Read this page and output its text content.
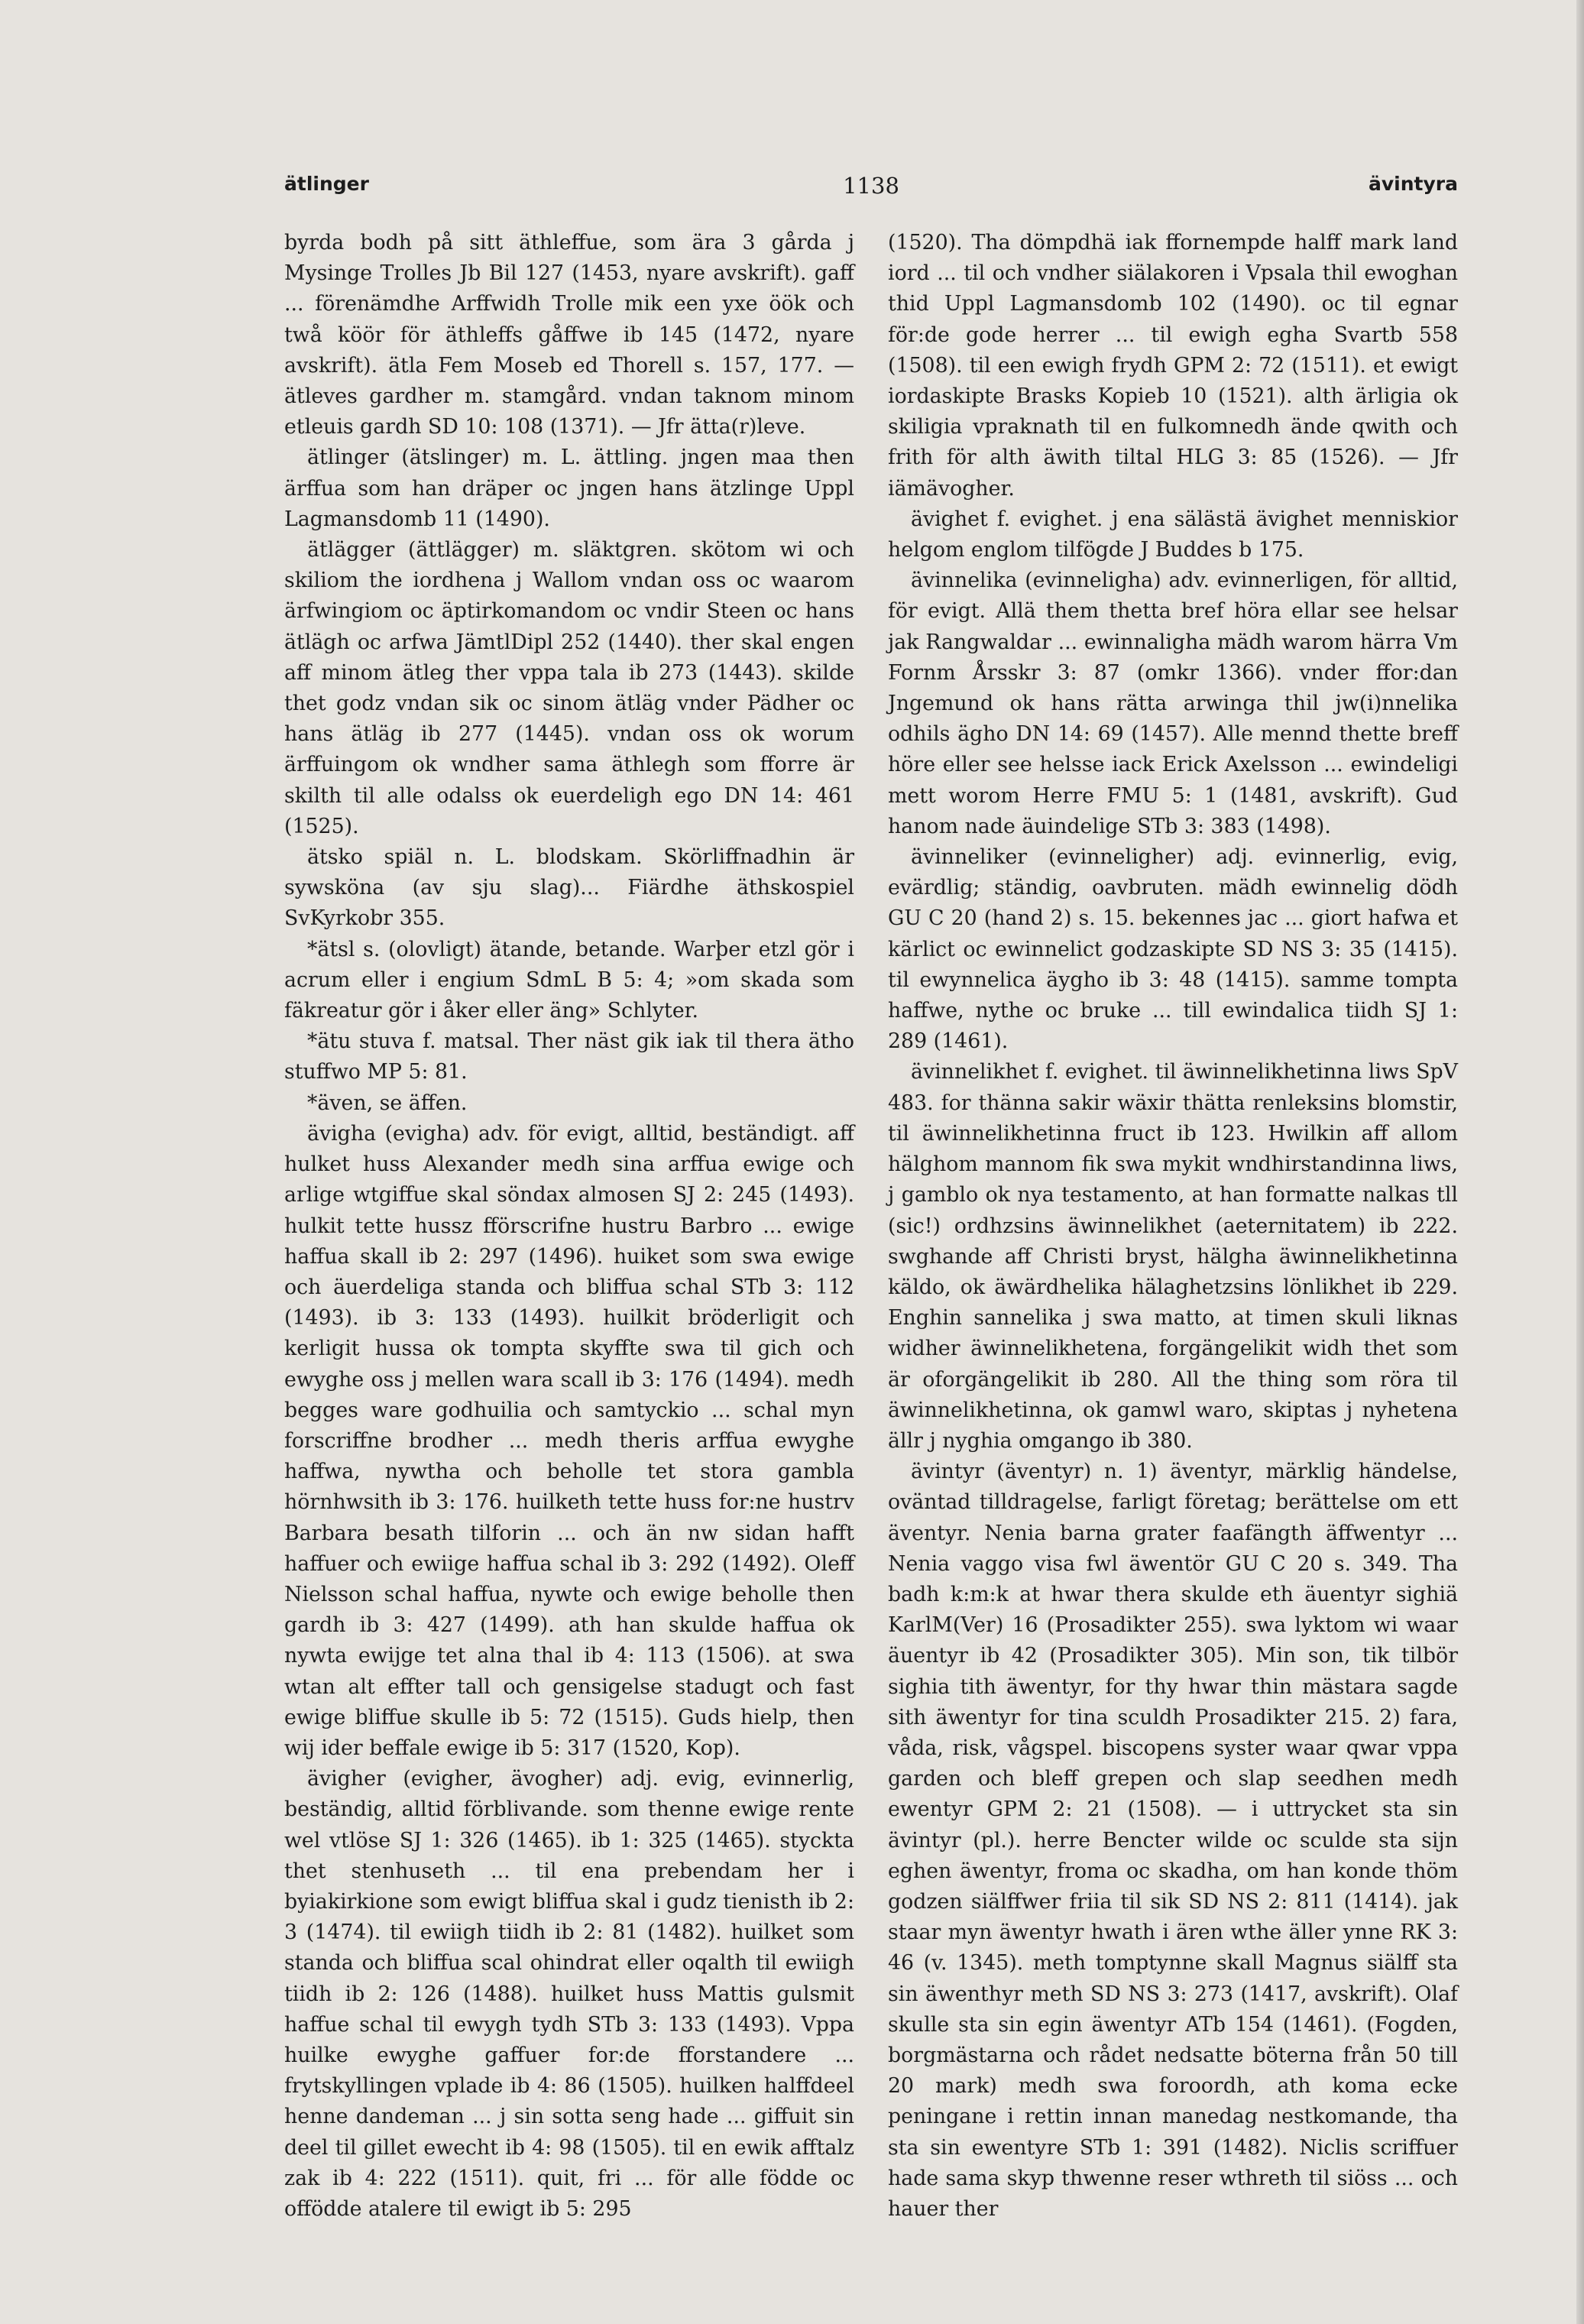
ätlinger	1138	ävintyra

byrda bodh på sitt äthleffue, som ära 3 gårda j Mysinge Trolles Jb Bil 127 (1453, nyare avskrift). gaff ... förenämdhe Arffwidh Trolle mik een yxe öök och twå köör för äthleffs gåffwe ib 145 (1472, nyare avskrift). ätla Fem Moseb ed Thorell s. 157, 177. — ätleves gardher m. stamgård. vndan taknom minom etleuis gardh SD 10: 108 (1371). — Jfr ätta(r)leve.

ätlinger (ätslinger) m. L. ättling. jngen maa then ärffua som han dräper oc jngen hans ätzlinge Uppl Lagmansdomb 11 (1490).

ätlägger (ättlägger) m. släktgren. skötom wi och skiliom the iordhena j Wallom vndan oss oc waarom ärfwingiom oc äptirkomandom oc vndir Steen oc hans ätlägh oc arfwa JämtlDipl 252 (1440). ther skal engen aff minom ätleg ther vppa tala ib 273 (1443). skilde thet godz vndan sik oc sinom ätläg vnder Pädher oc hans ätläg ib 277 (1445). vndan oss ok worum ärffuingom ok wndher sama äthlegh som fforre är skilth til alle odalss ok euerdeligh ego DN 14: 461 (1525).

ätsko spiäl n. L. blodskam. Skörliffnadhin är sywsköna (av sju slag)... Fiärdhe äthskospiel SvKyrkobr 355.

*ätsl s. (olovligt) ätande, betande. Warþer etzl gör i acrum eller i engium SdmL B 5: 4; »om skada som fäkreatur gör i åker eller äng» Schlyter.

*ätu stuva f. matsal. Ther näst gik iak til thera ätho stuffwo MP 5: 81.

*även, se äffen.

ävigha (evigha) adv. för evigt, alltid, beständigt. aff hulket huss Alexander medh sina arffua ewige och arlige wtgiffue skal söndax almosen SJ 2: 245 (1493). hulkit tette hussz fförscrifne hustru Barbro ... ewige haffua skall ib 2: 297 (1496). huiket som swa ewige och äuerdeliga standa och bliffua schal STb 3: 112 (1493). ib 3: 133 (1493). huilkit bröderligit och kerligit hussa ok tompta skyffte swa til gich och ewyghe oss j mellen wara scall ib 3: 176 (1494). medh begges ware godhuilia och samtyckio ... schal myn forscriffne brodher ... medh theris arffua ewyghe haffwa, nywtha och beholle tet stora gambla hörnhwsith ib 3: 176. huilketh tette huss for:ne hustrv Barbara besath tilforin ... och än nw sidan hafft haffuer och ewiige haffua schal ib 3: 292 (1492). Oleff Nielsson schal haffua, nywte och ewige beholle then gardh ib 3: 427 (1499). ath han skulde haffua ok nywta ewijge tet alna thal ib 4: 113 (1506). at swa wtan alt effter tall och gensigelse stadugt och fast ewige bliffue skulle ib 5: 72 (1515). Guds hielp, then wij ider beffale ewige ib 5: 317 (1520, Kop).

ävigher (evigher, ävogher) adj. evig, evinnerlig, beständig, alltid förblivande. som thenne ewige rente wel vtlöse SJ 1: 326 (1465). ib 1: 325 (1465). styckta thet stenhuseth ... til ena prebendam her i byiakirkione som ewigt bliffua skal i gudz tienisth ib 2: 3 (1474). til ewiigh tiidh ib 2: 81 (1482). huilket som standa och bliffua scal ohindrat eller oqalth til ewiigh tiidh ib 2: 126 (1488). huilket huss Mattis gulsmit haffue schal til ewygh tydh STb 3: 133 (1493). Vppa huilke ewyghe gaffuer for:de fforstandere ... frytskyllingen vplade ib 4: 86 (1505). huilken halffdeel henne dandeman ... j sin sotta seng hade ... giffuit sin deel til gillet ewecht ib 4: 98 (1505). til en ewik afftalz zak ib 4: 222 (1511). quit, fri ... för alle födde oc offödde atalere til ewigt ib 5: 295

(1520). Tha dömpdhä iak ffornempde halff mark land iord ... til och vndher siälakoren i Vpsala thil ewoghan thid Uppl Lagmansdomb 102 (1490). oc til egnar för:de gode herrer ... til ewigh egha Svartb 558 (1508). til een ewigh frydh GPM 2: 72 (1511). et ewigt iordaskipte Brasks Kopieb 10 (1521). alth ärligia ok skiligia vpraknath til en fulkomnedh ände qwith och frith för alth äwith tiltal HLG 3: 85 (1526). — Jfr iämävogher.

ävighet f. evighet. j ena sälästä ävighet menniskior helgom englom tilfögde J Buddes b 175.

ävinnelika (evinneligha) adv. evinnerligen, för alltid, för evigt. Allä them thetta bref höra ellar see helsar jak Rangwaldar ... ewinnaligha mädh warom härra Vm Fornm Årsskr 3: 87 (omkr 1366). vnder ffor:dan Jngemund ok hans rätta arwinga thil jw(i)nnelika odhils ägho DN 14: 69 (1457). Alle mennd thette breff höre eller see helsse iack Erick Axelsson ... ewindeligi mett worom Herre FMU 5: 1 (1481, avskrift). Gud hanom nade äuindelige STb 3: 383 (1498).

ävinneliker (evinneligher) adj. evinnerlig, evig, evärdlig; ständig, oavbruten. mädh ewinnelig dödh GU C 20 (hand 2) s. 15. bekennes jac ... giort hafwa et kärlict oc ewinnelict godzaskipte SD NS 3: 35 (1415). til ewynnelica äygho ib 3: 48 (1415). samme tompta haffwe, nythe oc bruke ... till ewindalica tiidh SJ 1: 289 (1461).

ävinnelikhet f. evighet. til äwinnelikhetinna liws SpV 483. for thänna sakir wäxir thätta renleksins blomstir, til äwinnelikhetinna fruct ib 123. Hwilkin aff allom hälghom mannom fik swa mykit wndhirstandinna liws, j gamblo ok nya testamento, at han formatte nalkas tll (sic!) ordhzsins äwinnelikhet (aeternitatem) ib 222. swghande aff Christi bryst, hälgha äwinnelikhetinna käldo, ok äwärdhelika hälaghetzsins lönlikhet ib 229. Enghin sannelika j swa matto, at timen skuli liknas widher äwinnelikhetena, forgängelikit widh thet som är oforgängelikit ib 280. All the thing som röra til äwinnelikhetinna, ok gamwl waro, skiptas j nyhetena ällr j nyghia omgango ib 380.

ävintyr (äventyr) n. 1) äventyr, märklig händelse, oväntad tilldragelse, farligt företag; berättelse om ett äventyr. Nenia barna grater faafängth äffwentyr ... Nenia vaggo visa fwl äwentör GU C 20 s. 349. Tha badh k:m:k at hwar thera skulde eth äuentyr sighiä KarlM(Ver) 16 (Prosadikter 255). swa lyktom wi waar äuentyr ib 42 (Prosadikter 305). Min son, tik tilbör sighia tith äwentyr, for thy hwar thin mästara sagde sith äwentyr for tina sculdh Prosadikter 215. 2) fara, våda, risk, vågspel. biscopens syster waar qwar vppa garden och bleff grepen och slap seedhen medh ewentyr GPM 2: 21 (1508). — i uttrycket sta sin ävintyr (pl.). herre Bencter wilde oc sculde sta sijn eghen äwentyr, froma oc skadha, om han konde thöm godzen siälffwer friia til sik SD NS 2: 811 (1414). jak staar myn äwentyr hwath i ären wthe äller ynne RK 3: 46 (v. 1345). meth tomptynne skall Magnus siälff sta sin äwenthyr meth SD NS 3: 273 (1417, avskrift). Olaf skulle sta sin egin äwentyr ATb 154 (1461). (Fogden, borgmästarna och rådet nedsatte böterna från 50 till 20 mark) medh swa foroordh, ath koma ecke peningane i rettin innan manedag nestkomande, tha sta sin ewentyre STb 1: 391 (1482). Niclis scriffuer hade sama skyp thwenne reser wthreth til siöss ... och hauer ther
